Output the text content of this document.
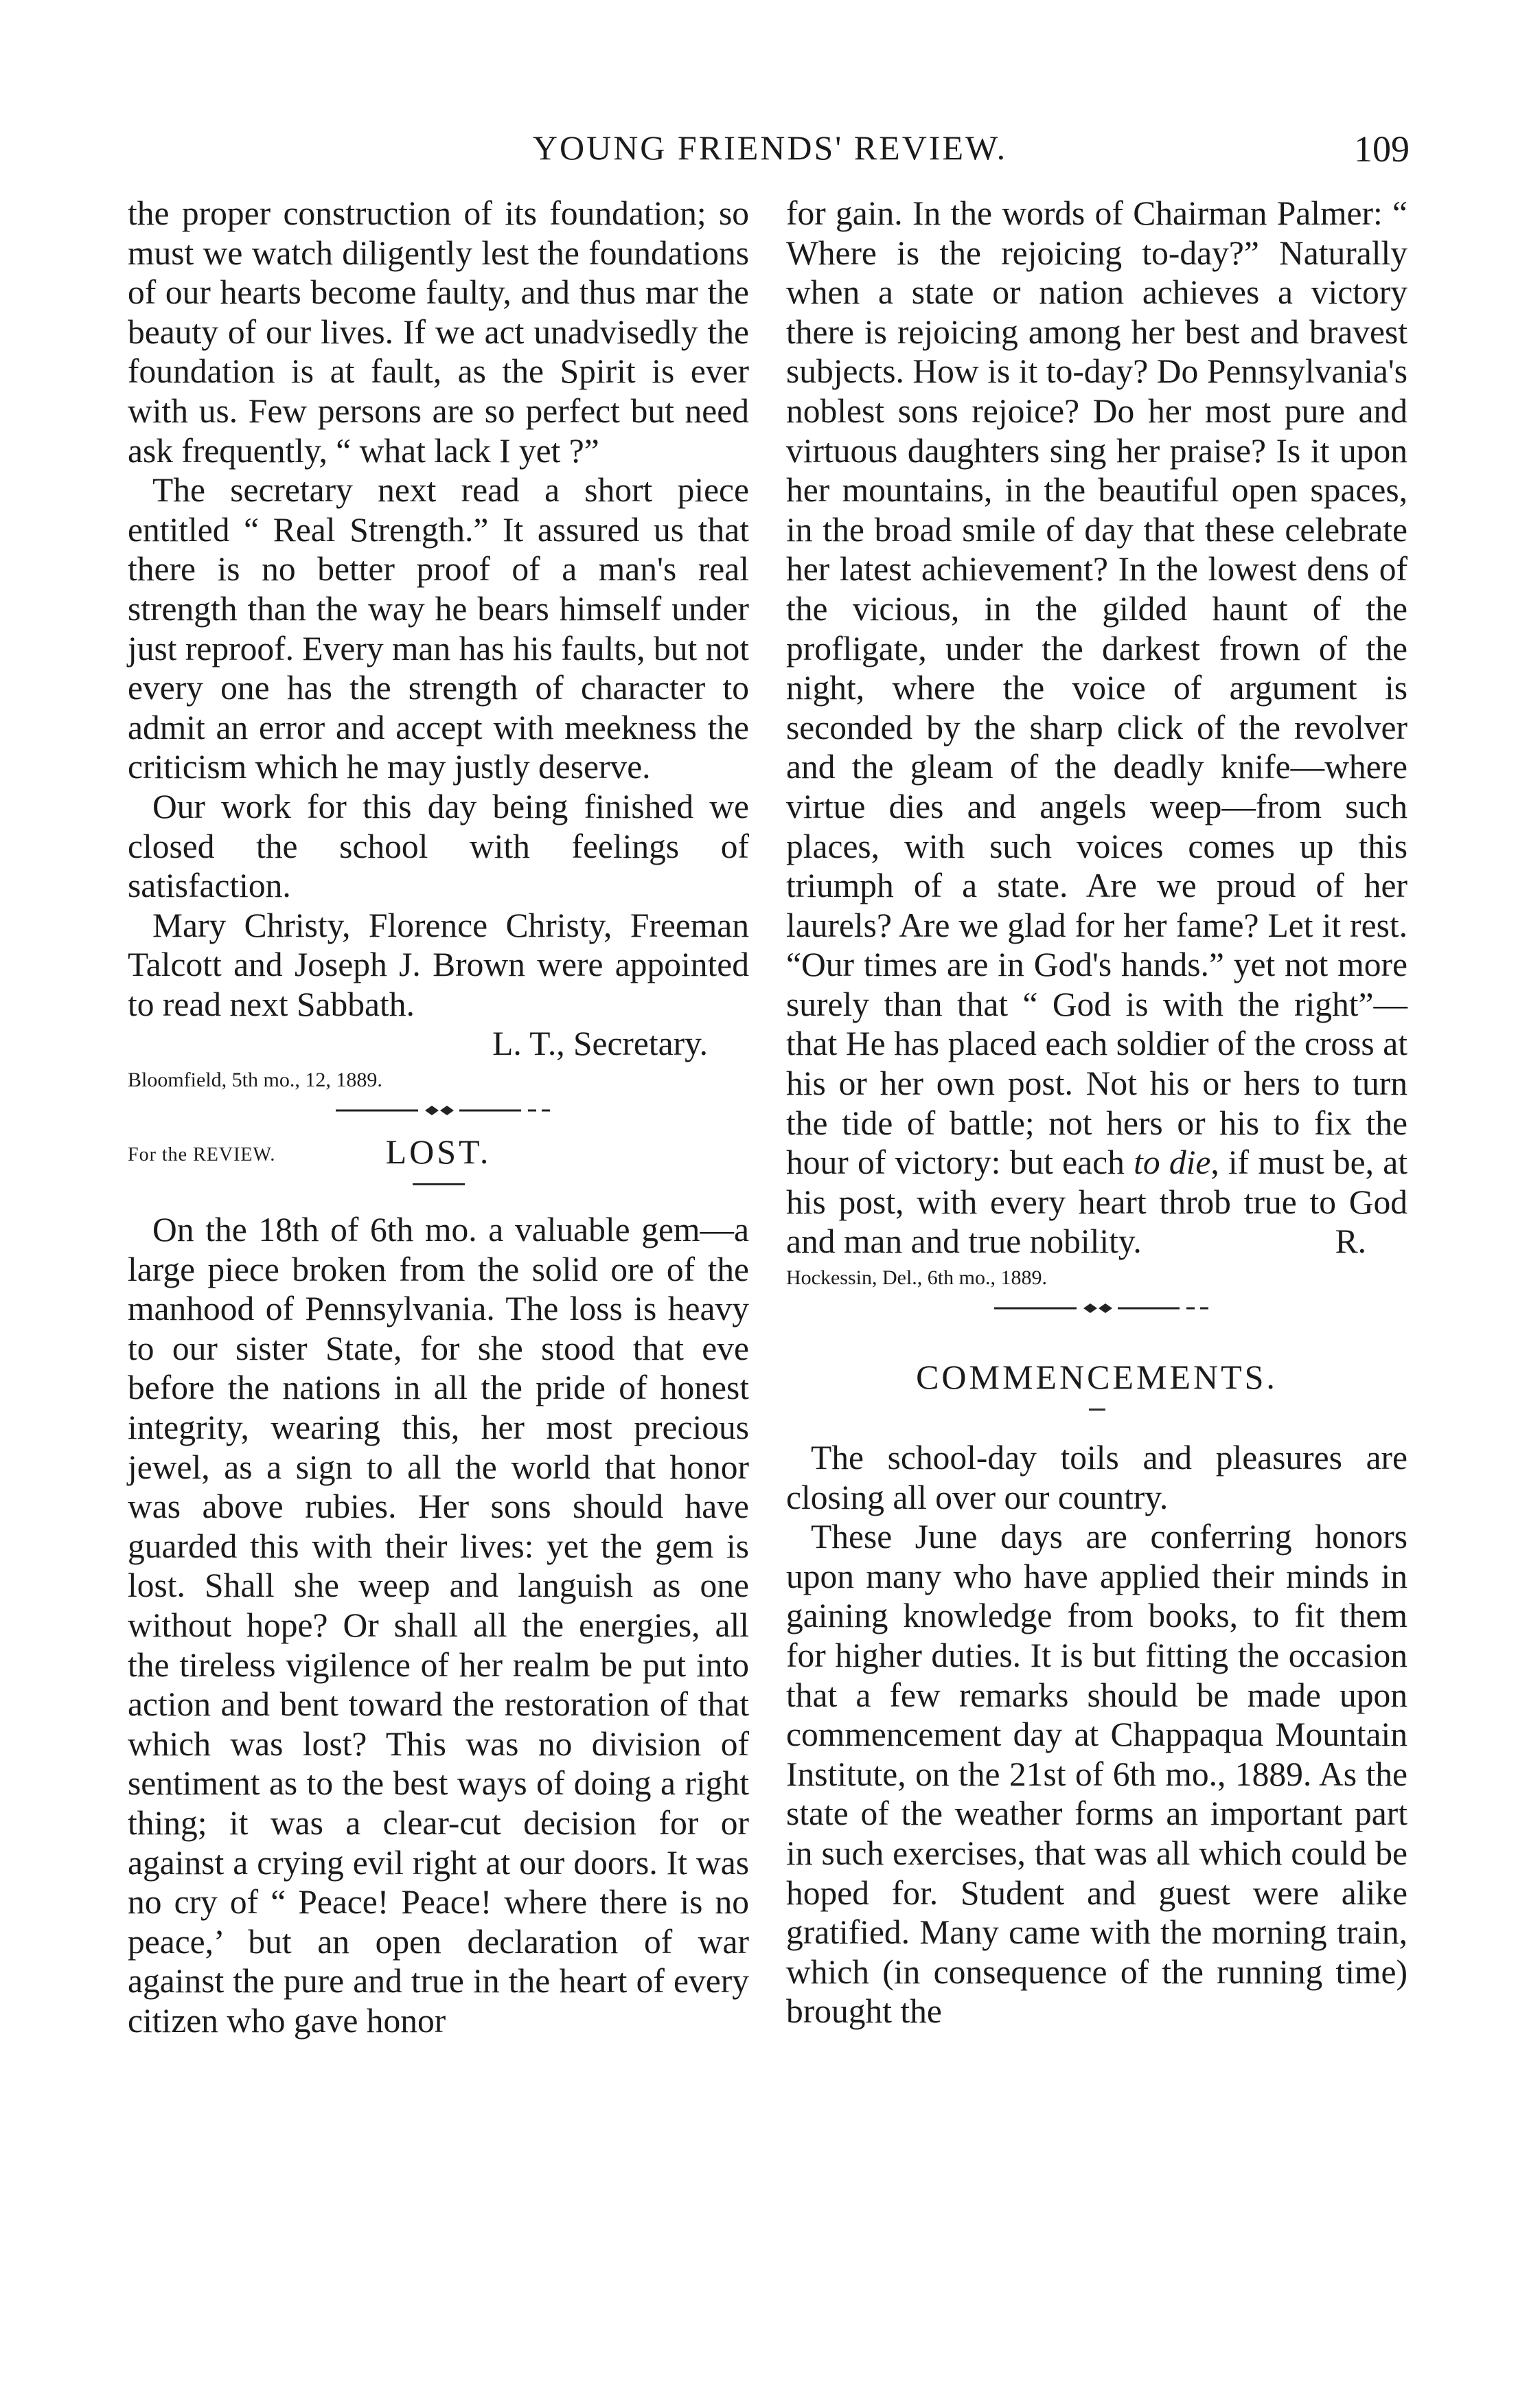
YOUNG FRIENDS' REVIEW.	109

the proper construction of its foundation; so must we watch diligently lest the foundations of our hearts become faulty, and thus mar the beauty of our lives. If we act unadvisedly the foundation is at fault, as the Spirit is ever with us. Few persons are so perfect but need ask frequently, “ what lack I yet ?”

The secretary next read a short piece entitled “ Real Strength.” It assured us that there is no better proof of a man's real strength than the way he bears himself under just reproof. Every man has his faults, but not every one has the strength of character to admit an error and accept with meekness the criticism which he may justly deserve.

Our work for this day being finished we closed the school with feelings of satisfaction.

Mary Christy, Florence Christy, Freeman Talcott and Joseph J. Brown were appointed to read next Sabbath.

L. T., Secretary.

Bloomfield, 5th mo., 12, 1889.

For the REVIEW.	LOST.

On the 18th of 6th mo. a valuable gem—a large piece broken from the solid ore of the manhood of Pennsylvania. The loss is heavy to our sister State, for she stood that eve before the nations in all the pride of honest integrity, wearing this, her most precious jewel, as a sign to all the world that honor was above rubies. Her sons should have guarded this with their lives: yet the gem is lost. Shall she weep and languish as one without hope? Or shall all the energies, all the tireless vigilence of her realm be put into action and bent toward the restoration of that which was lost? This was no division of sentiment as to the best ways of doing a right thing; it was a clear-cut decision for or against a crying evil right at our doors. It was no cry of “ Peace! Peace! where there is no peace,’ but an open declaration of war against the pure and true in the heart of every citizen who gave honor

for gain. In the words of Chairman Palmer: “ Where is the rejoicing to-day?” Naturally when a state or nation achieves a victory there is rejoicing among her best and bravest subjects. How is it to-day? Do Pennsylvania's noblest sons rejoice? Do her most pure and virtuous daughters sing her praise? Is it upon her mountains, in the beautiful open spaces, in the broad smile of day that these celebrate her latest achievement? In the lowest dens of the vicious, in the gilded haunt of the profligate, under the darkest frown of the night, where the voice of argument is seconded by the sharp click of the revolver and the gleam of the deadly knife—where virtue dies and angels weep—from such places, with such voices comes up this triumph of a state. Are we proud of her laurels? Are we glad for her fame? Let it rest. “Our times are in God's hands.” yet not more surely than that “ God is with the right”—that He has placed each soldier of the cross at his or her own post. Not his or hers to turn the tide of battle; not hers or his to fix the hour of victory: but each to die, if must be, at his post, with every heart throb true to God and man and true nobility.	R.

Hockessin, Del., 6th mo., 1889.

COMMENCEMENTS.

The school-day toils and pleasures are closing all over our country.

These June days are conferring honors upon many who have applied their minds in gaining knowledge from books, to fit them for higher duties. It is but fitting the occasion that a few remarks should be made upon commencement day at Chappaqua Mountain Institute, on the 21st of 6th mo., 1889. As the state of the weather forms an important part in such exercises, that was all which could be hoped for. Student and guest were alike gratified. Many came with the morning train, which (in consequence of the running time) brought the
